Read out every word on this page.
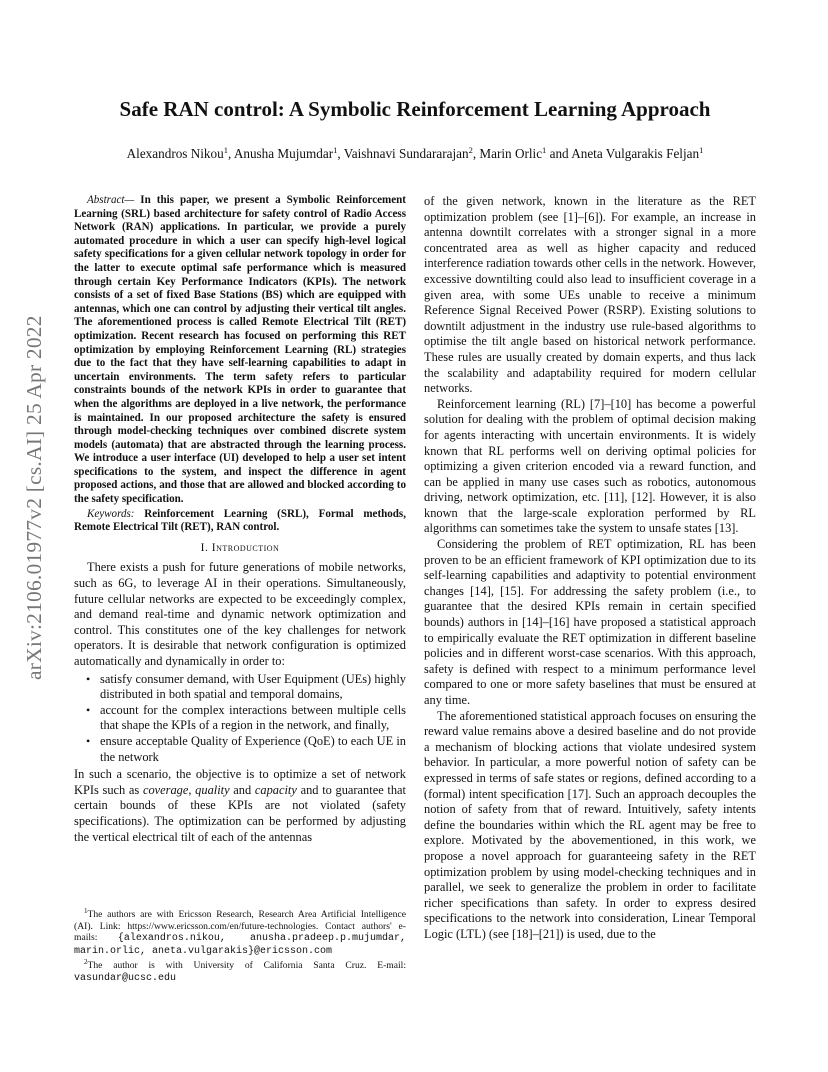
arXiv:2106.01977v2 [cs.AI] 25 Apr 2022
Safe RAN control: A Symbolic Reinforcement Learning Approach
Alexandros Nikou$^1$, Anusha Mujumdar$^1$, Vaishnavi Sundararajan$^2$, Marin Orlic$^1$ and Aneta Vulgarakis Feljan$^1$

Abstract— In this paper, we present a Symbolic Reinforcement Learning (SRL) based architecture for safety control of Radio Access Network (RAN) applications. In particular, we provide a purely automated procedure in which a user can specify high-level logical safety specifications for a given cellular network topology in order for the latter to execute optimal safe performance which is measured through certain Key Performance Indicators (KPIs). The network consists of a set of fixed Base Stations (BS) which are equipped with antennas, which one can control by adjusting their vertical tilt angles. The aforementioned process is called Remote Electrical Tilt (RET) optimization. Recent research has focused on performing this RET optimization by employing Reinforcement Learning (RL) strategies due to the fact that they have self-learning capabilities to adapt in uncertain environments. The term safety refers to particular constraints bounds of the network KPIs in order to guarantee that when the algorithms are deployed in a live network, the performance is maintained. In our proposed architecture the safety is ensured through model-checking techniques over combined discrete system models (automata) that are abstracted through the learning process. We introduce a user interface (UI) developed to help a user set intent specifications to the system, and inspect the difference in agent proposed actions, and those that are allowed and blocked according to the safety specification.

Keywords: Reinforcement Learning (SRL), Formal methods, Remote Electrical Tilt (RET), RAN control.

I. Introduction

There exists a push for future generations of mobile networks, such as 6G, to leverage AI in their operations. Simultaneously, future cellular networks are expected to be exceedingly complex, and demand real-time and dynamic network optimization and control. This constitutes one of the key challenges for network operators. It is desirable that network configuration is optimized automatically and dynamically in order to:

• satisfy consumer demand, with User Equipment (UEs) highly distributed in both spatial and temporal domains,
• account for the complex interactions between multiple cells that shape the KPIs of a region in the network, and finally,
• ensure acceptable Quality of Experience (QoE) to each UE in the network

In such a scenario, the objective is to optimize a set of network KPIs such as coverage, quality and capacity and to guarantee that certain bounds of these KPIs are not violated (safety specifications). The optimization can be performed by adjusting the vertical electrical tilt of each of the antennas

$^1$The authors are with Ericsson Research, Research Area Artificial Intelligence (AI). Link: https://www.ericsson.com/en/future-technologies. Contact authors' e-mails: {alexandros.nikou, anusha.pradeep.p.mujumdar, marin.orlic, aneta.vulgarakis}@ericsson.com

$^2$The author is with University of California Santa Cruz. E-mail: vasundar@ucsc.edu

of the given network, known in the literature as the RET optimization problem (see [1]–[6]). For example, an increase in antenna downtilt correlates with a stronger signal in a more concentrated area as well as higher capacity and reduced interference radiation towards other cells in the network. However, excessive downtilting could also lead to insufficient coverage in a given area, with some UEs unable to receive a minimum Reference Signal Received Power (RSRP). Existing solutions to downtilt adjustment in the industry use rule-based algorithms to optimise the tilt angle based on historical network performance. These rules are usually created by domain experts, and thus lack the scalability and adaptability required for modern cellular networks.

Reinforcement learning (RL) [7]–[10] has become a powerful solution for dealing with the problem of optimal decision making for agents interacting with uncertain environments. It is widely known that RL performs well on deriving optimal policies for optimizing a given criterion encoded via a reward function, and can be applied in many use cases such as robotics, autonomous driving, network optimization, etc. [11], [12]. However, it is also known that the large-scale exploration performed by RL algorithms can sometimes take the system to unsafe states [13].

Considering the problem of RET optimization, RL has been proven to be an efficient framework of KPI optimization due to its self-learning capabilities and adaptivity to potential environment changes [14], [15]. For addressing the safety problem (i.e., to guarantee that the desired KPIs remain in certain specified bounds) authors in [14]–[16] have proposed a statistical approach to empirically evaluate the RET optimization in different baseline policies and in different worst-case scenarios. With this approach, safety is defined with respect to a minimum performance level compared to one or more safety baselines that must be ensured at any time.

The aforementioned statistical approach focuses on ensuring the reward value remains above a desired baseline and do not provide a mechanism of blocking actions that violate undesired system behavior. In particular, a more powerful notion of safety can be expressed in terms of safe states or regions, defined according to a (formal) intent specification [17]. Such an approach decouples the notion of safety from that of reward. Intuitively, safety intents define the boundaries within which the RL agent may be free to explore. Motivated by the abovementioned, in this work, we propose a novel approach for guaranteeing safety in the RET optimization problem by using model-checking techniques and in parallel, we seek to generalize the problem in order to facilitate richer specifications than safety. In order to express desired specifications to the network into consideration, Linear Temporal Logic (LTL) (see [18]–[21]) is used, due to the
